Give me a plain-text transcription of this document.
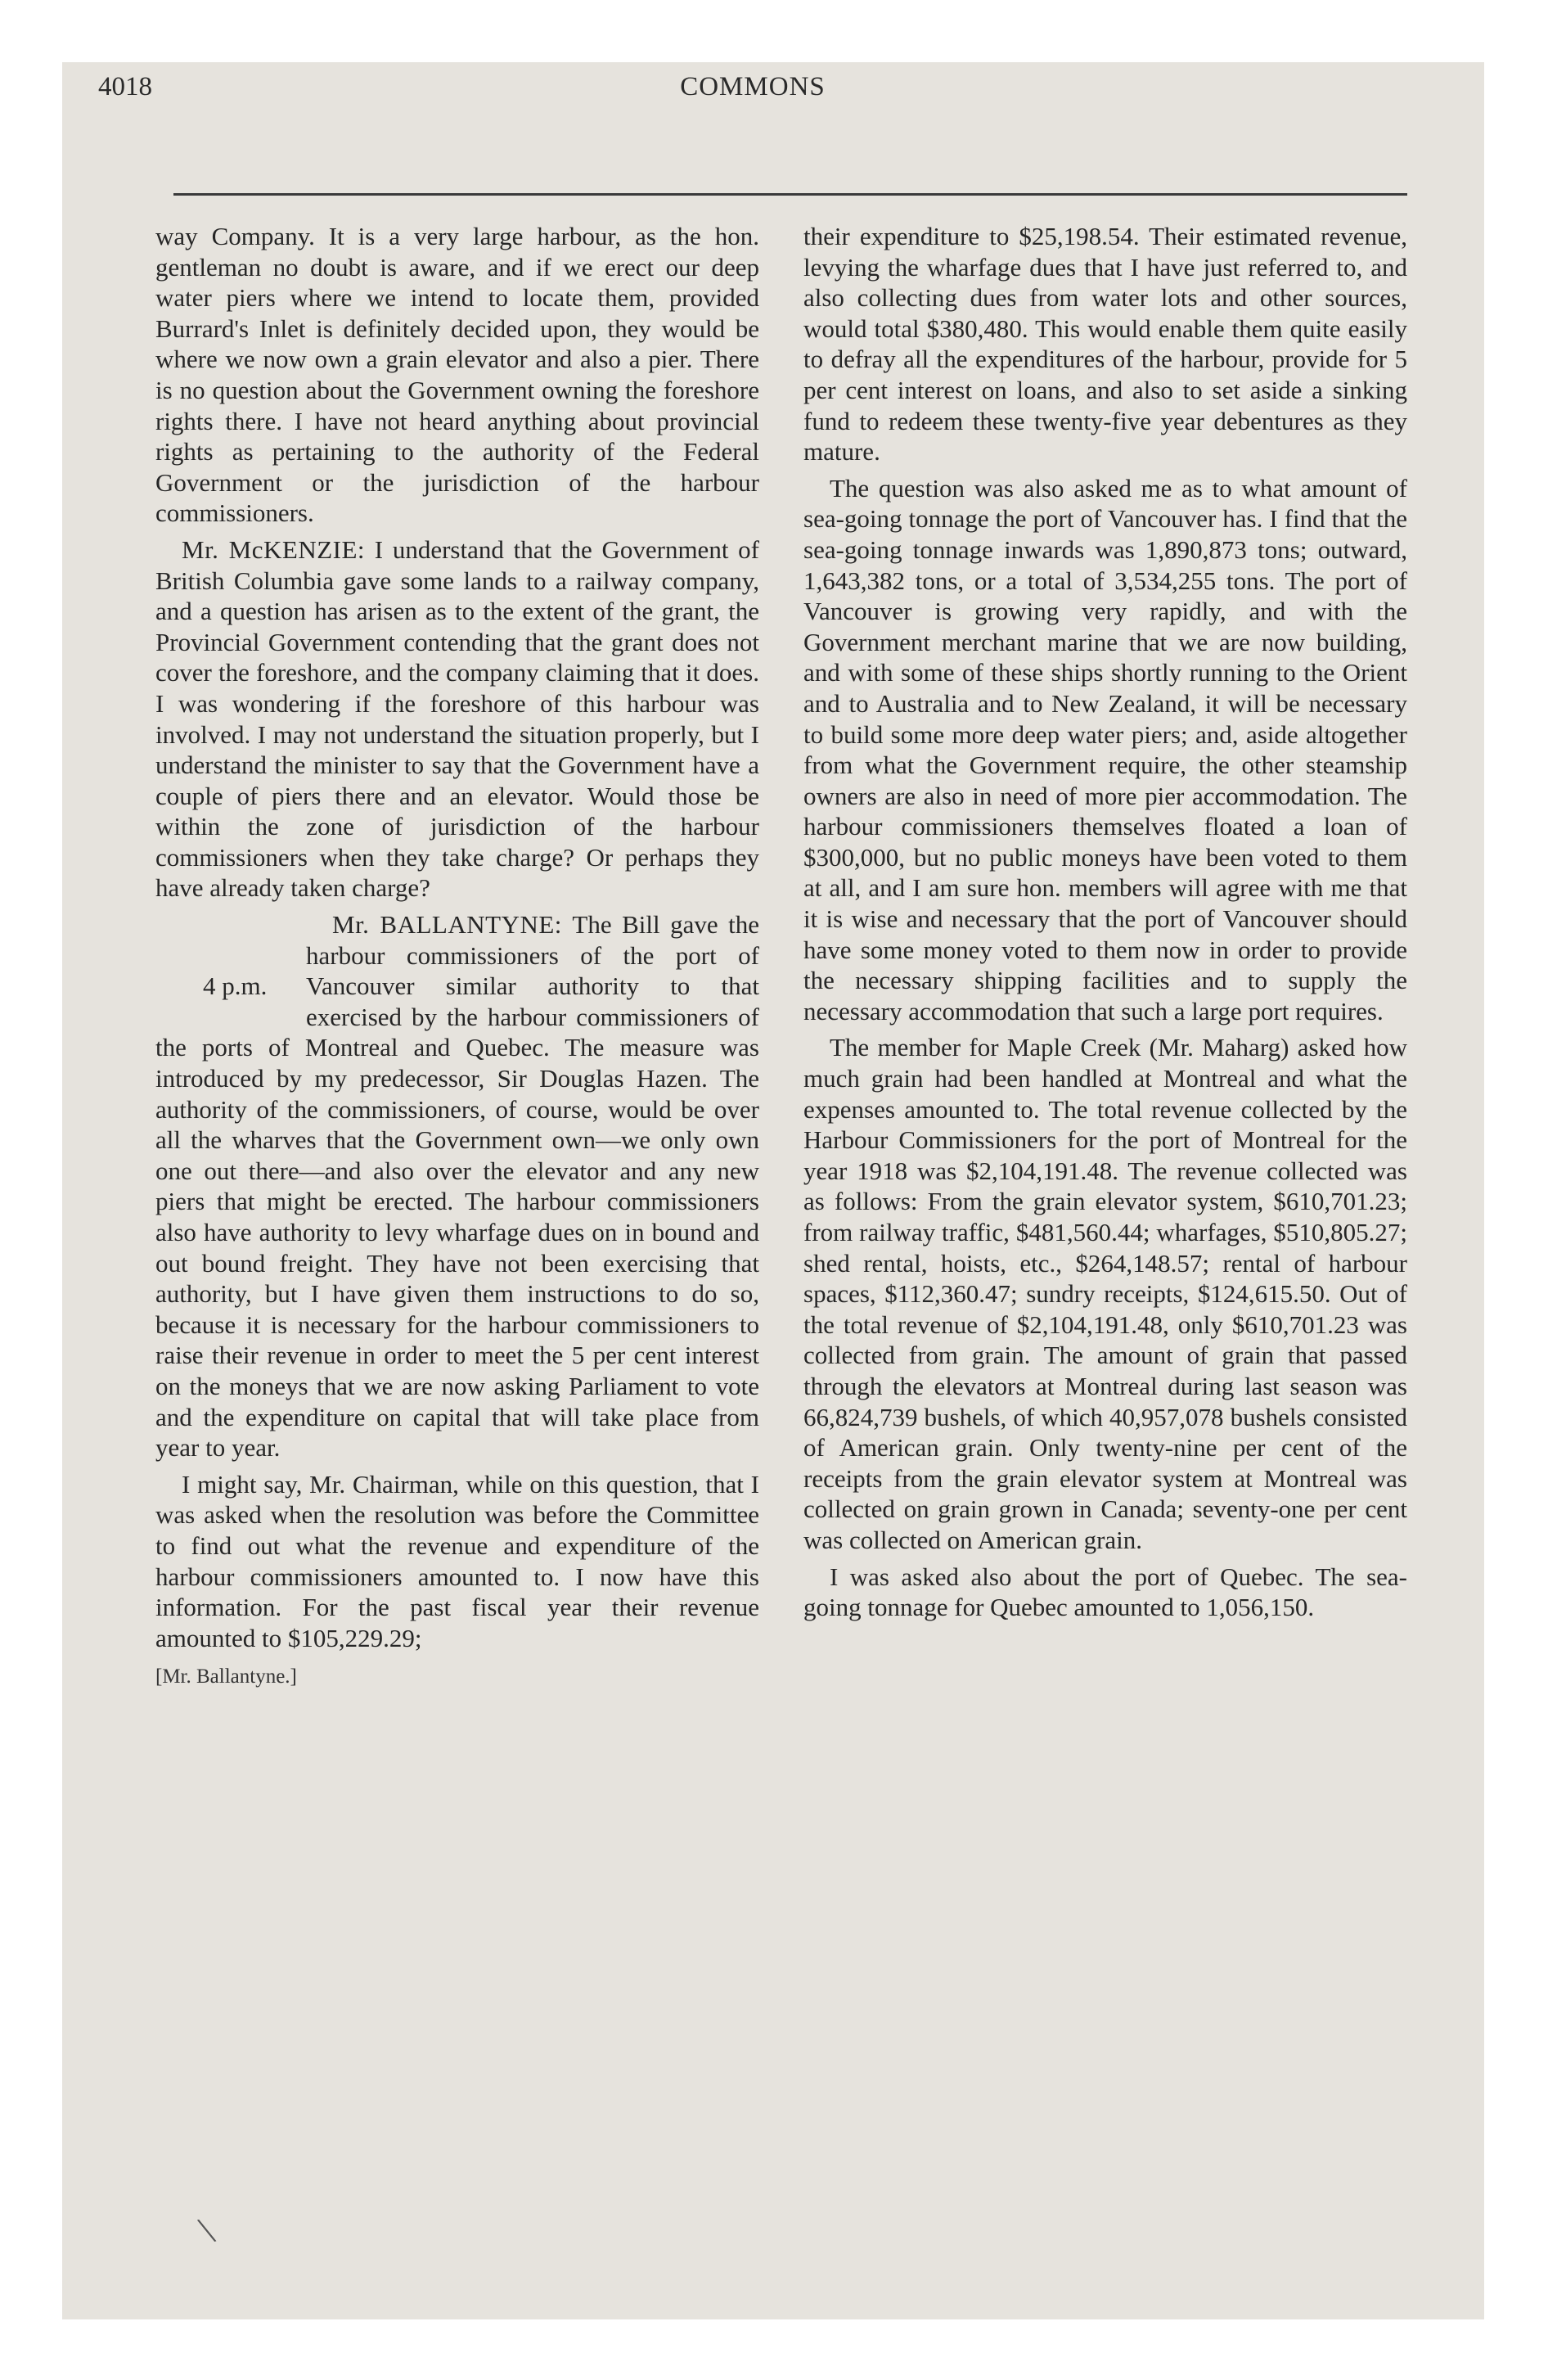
4018	COMMONS

way Company. It is a very large harbour, as the hon. gentleman no doubt is aware, and if we erect our deep water piers where we intend to locate them, provided Burrard's Inlet is definitely decided upon, they would be where we now own a grain elevator and also a pier. There is no question about the Government owning the foreshore rights there. I have not heard anything about provincial rights as pertaining to the authority of the Federal Government or the jurisdiction of the harbour commissioners.

Mr. McKENZIE: I understand that the Government of British Columbia gave some lands to a railway company, and a question has arisen as to the extent of the grant, the Provincial Government contending that the grant does not cover the foreshore, and the company claiming that it does. I was wondering if the foreshore of this harbour was involved. I may not understand the situation properly, but I understand the minister to say that the Government have a couple of piers there and an elevator. Would those be within the zone of jurisdiction of the harbour commissioners when they take charge? Or perhaps they have already taken charge?

Mr. BALLANTYNE:
4 p.m.
The Bill gave the harbour commissioners of the port of Vancouver similar authority to that exercised by the harbour commissioners of the ports of Montreal and Quebec. The measure was introduced by my predecessor, Sir Douglas Hazen. The authority of the commissioners, of course, would be over all the wharves that the Government own—we only own one out there—and also over the elevator and any new piers that might be erected. The harbour commissioners also have authority to levy wharfage dues on in bound and out bound freight. They have not been exercising that authority, but I have given them instructions to do so, because it is necessary for the harbour commissioners to raise their revenue in order to meet the 5 per cent interest on the moneys that we are now asking Parliament to vote and the expenditure on capital that will take place from year to year.

I might say, Mr. Chairman, while on this question, that I was asked when the resolution was before the Committee to find out what the revenue and expenditure of the harbour commissioners amounted to. I now have this information. For the past fiscal year their revenue amounted to $105,229.29;

[Mr. Ballantyne.]

their expenditure to $25,198.54. Their estimated revenue, levying the wharfage dues that I have just referred to, and also collecting dues from water lots and other sources, would total $380,480. This would enable them quite easily to defray all the expenditures of the harbour, provide for 5 per cent interest on loans, and also to set aside a sinking fund to redeem these twenty-five year debentures as they mature.

The question was also asked me as to what amount of sea-going tonnage the port of Vancouver has. I find that the sea-going tonnage inwards was 1,890,873 tons; outward, 1,643,382 tons, or a total of 3,534,255 tons. The port of Vancouver is growing very rapidly, and with the Government merchant marine that we are now building, and with some of these ships shortly running to the Orient and to Australia and to New Zealand, it will be necessary to build some more deep water piers; and, aside altogether from what the Government require, the other steamship owners are also in need of more pier accommodation. The harbour commissioners themselves floated a loan of $300,000, but no public moneys have been voted to them at all, and I am sure hon. members will agree with me that it is wise and necessary that the port of Vancouver should have some money voted to them now in order to provide the necessary shipping facilities and to supply the necessary accommodation that such a large port requires.

The member for Maple Creek (Mr. Maharg) asked how much grain had been handled at Montreal and what the expenses amounted to. The total revenue collected by the Harbour Commissioners for the port of Montreal for the year 1918 was $2,104,191.48. The revenue collected was as follows: From the grain elevator system, $610,701.23; from railway traffic, $481,560.44; wharfages, $510,805.27; shed rental, hoists, etc., $264,148.57; rental of harbour spaces, $112,360.47; sundry receipts, $124,615.50. Out of the total revenue of $2,104,191.48, only $610,701.23 was collected from grain. The amount of grain that passed through the elevators at Montreal during last season was 66,824,739 bushels, of which 40,957,078 bushels consisted of American grain. Only twenty-nine per cent of the receipts from the grain elevator system at Montreal was collected on grain grown in Canada; seventy-one per cent was collected on American grain.

I was asked also about the port of Quebec. The sea-going tonnage for Quebec amounted to 1,056,150.

\
